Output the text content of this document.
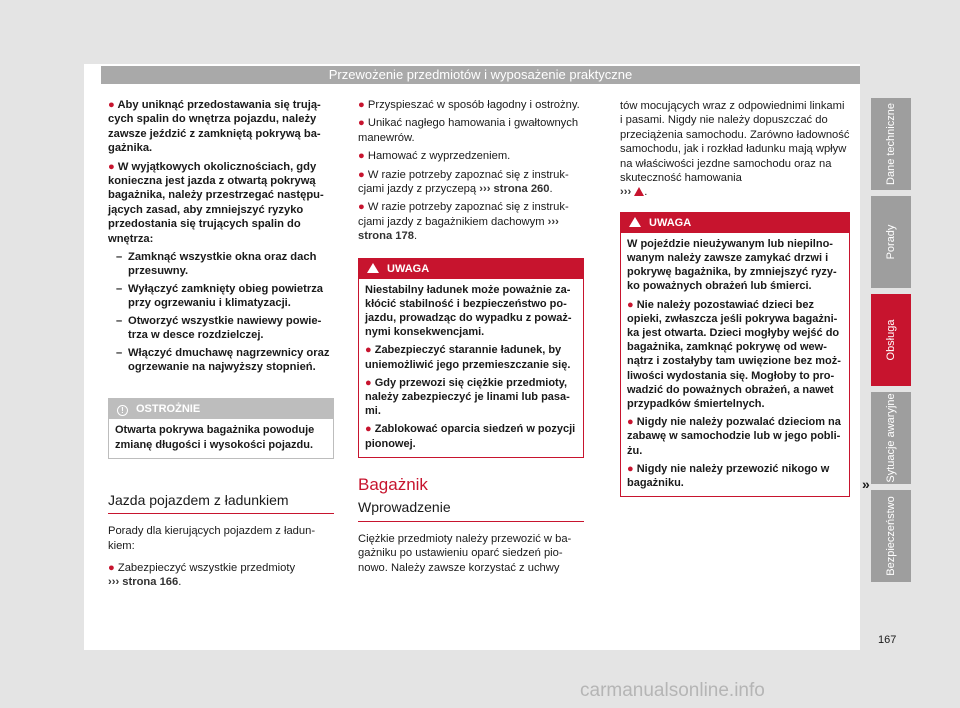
Przewożenie przedmiotów i wyposażenie praktyczne
● Aby uniknąć przedostawania się trujących spalin do wnętrza pojazdu, należy zawsze jeździć z zamkniętą pokrywą bagażnika.
● W wyjątkowych okolicznościach, gdy konieczna jest jazda z otwartą pokrywą bagażnika, należy przestrzegać następujących zasad, aby zmniejszyć ryzyko przedostania się trujących spalin do wnętrza:
– Zamknąć wszystkie okna oraz dach przesuwny.
– Wyłączyć zamknięty obieg powietrza przy ogrzewaniu i klimatyzacji.
– Otworzyć wszystkie nawiewy powietrza w desce rozdzielczej.
– Włączyć dmuchawę nagrzewnicy oraz ogrzewanie na najwyższy stopnień.
! OSTROŻNIE
Otwarta pokrywa bagażnika powoduje zmianę długości i wysokości pojazdu.
Jazda pojazdem z ładunkiem
Porady dla kierujących pojazdem z ładunkiem:
● Zabezpieczyć wszystkie przedmioty
››› strona 166.
● Przyspieszać w sposób łagodny i ostrożny.
● Unikać nagłego hamowania i gwałtownych manewrów.
● Hamować z wyprzedzeniem.
● W razie potrzeby zapoznać się z instrukcjami jazdy z przyczepą ››› strona 260.
● W razie potrzeby zapoznać się z instrukcjami jazdy z bagażnikiem dachowym ››› strona 178.
UWAGA
Niestabilny ładunek może poważnie zakłócić stabilność i bezpieczeństwo pojazdu, prowadząc do wypadku z poważnymi konsekwencjami.
● Zabezpieczyć starannie ładunek, by uniemożliwić jego przemieszczanie się.
● Gdy przewozi się ciężkie przedmioty, należy zabezpieczyć je linami lub pasami.
● Zablokować oparcia siedzeń w pozycji pionowej.
Bagażnik
Wprowadzenie
Ciężkie przedmioty należy przewozić w bagażniku po ustawieniu oparć siedzeń pionowo. Należy zawsze korzystać z uchwy
tów mocujących wraz z odpowiednimi linkami i pasami. Nigdy nie należy dopuszczać do przeciążenia samochodu. Zarówno ładowność samochodu, jak i rozkład ładunku mają wpływ na właściwości jezdne samochodu oraz na skuteczność hamowania
››› .
UWAGA
W pojeździe nieużywanym lub niepilnowanym należy zawsze zamykać drzwi i pokrywę bagażnika, by zmniejszyć ryzyko poważnych obrażeń lub śmierci.
● Nie należy pozostawiać dzieci bez opieki, zwłaszcza jeśli pokrywa bagażnika jest otwarta. Dzieci mogłyby wejść do bagażnika, zamknąć pokrywę od wewnątrz i zostałyby tam uwięzione bez możliwości wydostania się. Mogłoby to prowadzić do poważnych obrażeń, a nawet przypadków śmiertelnych.
● Nigdy nie należy pozwalać dzieciom na zabawę w samochodzie lub w jego pobliżu.
● Nigdy nie należy przewozić nikogo w bagażniku.	»
Dane techniczne
Porady
Obsługa
Sytuacje awaryjne
Bezpieczeństwo
167
carmanualsonline.info
